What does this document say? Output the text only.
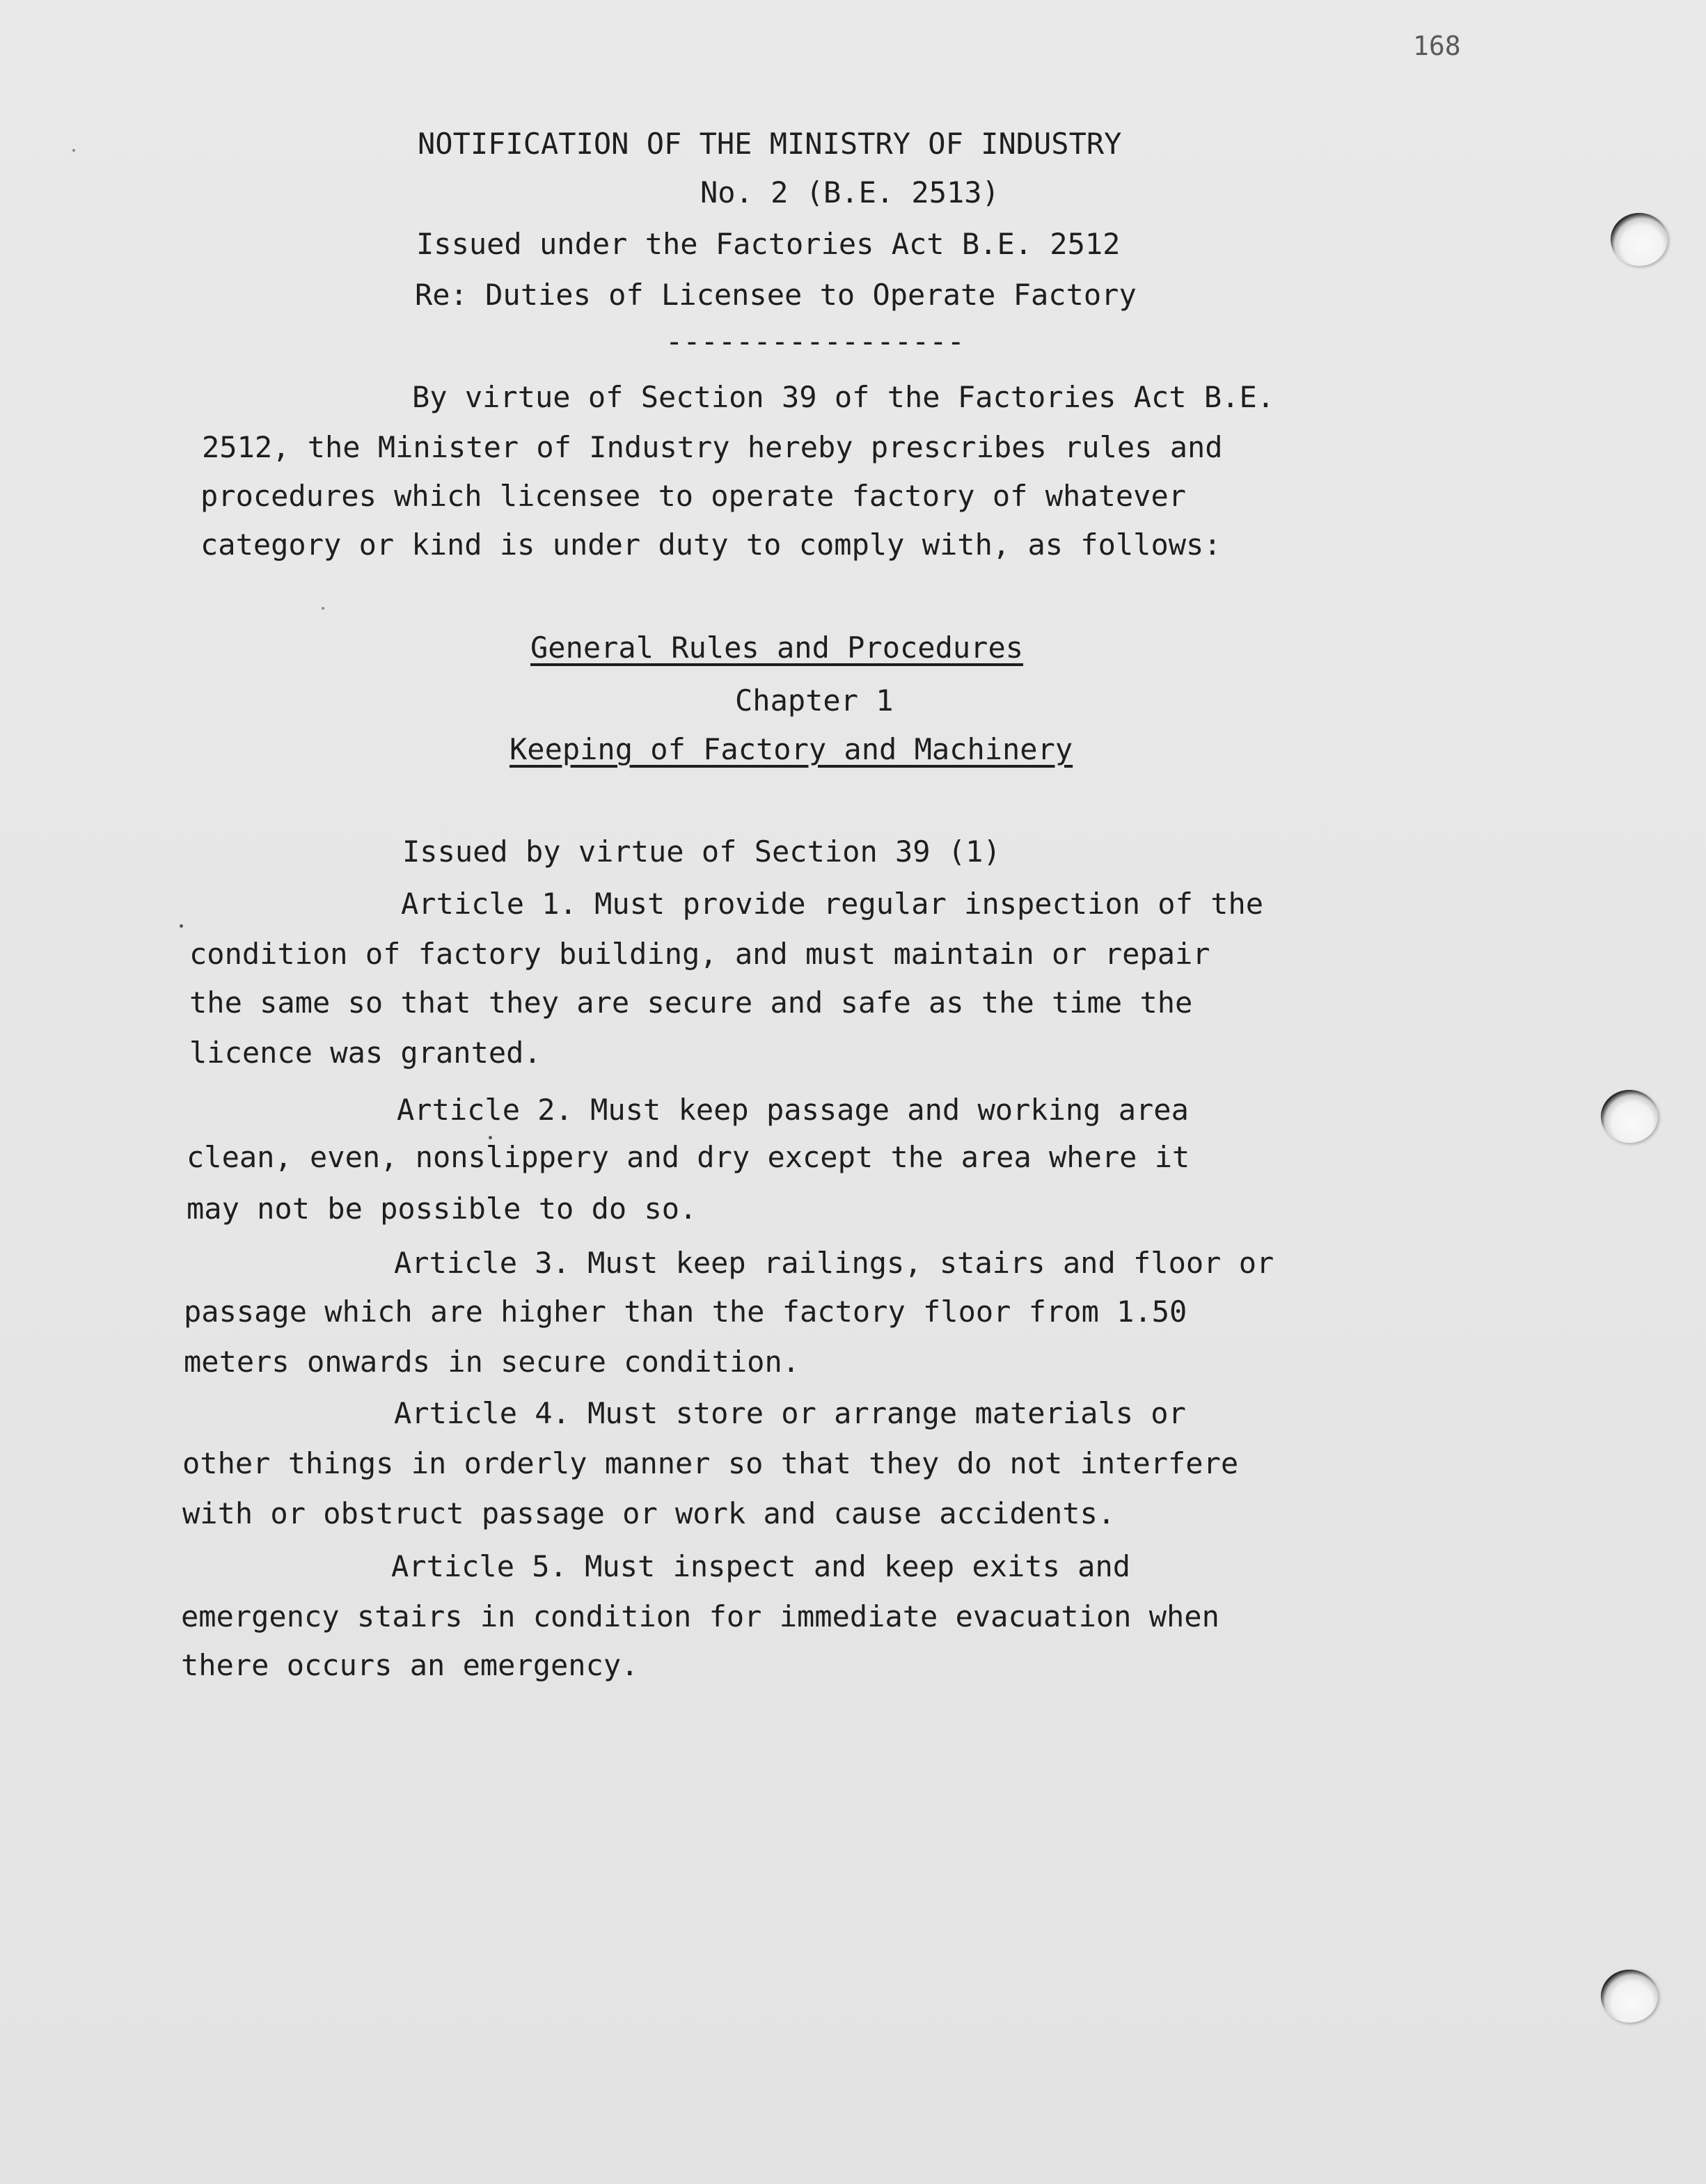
168
NOTIFICATION OF THE MINISTRY OF INDUSTRY
No. 2 (B.E. 2513)
Issued under the Factories Act B.E. 2512
Re: Duties of Licensee to Operate Factory
-----------------
By virtue of Section 39 of the Factories Act B.E.
2512, the Minister of Industry hereby prescribes rules and
procedures which licensee to operate factory of whatever
category or kind is under duty to comply with, as follows:
General Rules and Procedures
Chapter 1
Keeping of Factory and Machinery
Issued by virtue of Section 39 (1)
Article 1. Must provide regular inspection of the
condition of factory building, and must maintain or repair
the same so that they are secure and safe as the time the
licence was granted.
Article 2. Must keep passage and working area
clean, even, nonslippery and dry except the area where it
may not be possible to do so.
Article 3. Must keep railings, stairs and floor or
passage which are higher than the factory floor from 1.50
meters onwards in secure condition.
Article 4. Must store or arrange materials or
other things in orderly manner so that they do not interfere
with or obstruct passage or work and cause accidents.
Article 5. Must inspect and keep exits and
emergency stairs in condition for immediate evacuation when
there occurs an emergency.
